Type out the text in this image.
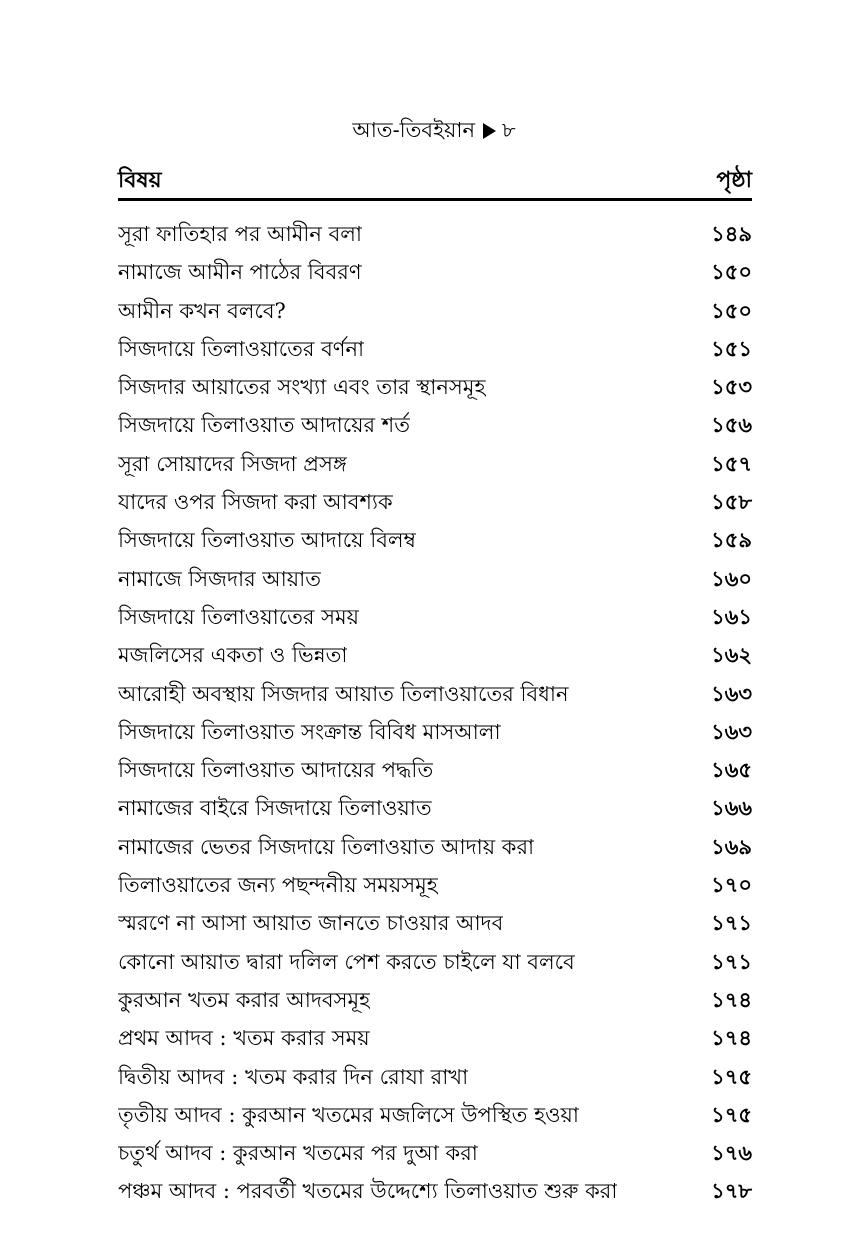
আত-তিবইয়ান ৮
বিষয়	পৃষ্ঠা
সূরা ফাতিহার পর আমীন বলা	১৪৯
নামাজে আমীন পাঠের বিবরণ	১৫০
আমীন কখন বলবে?	১৫০
সিজদায়ে তিলাওয়াতের বর্ণনা	১৫১
সিজদার আয়াতের সংখ্যা এবং তার স্থানসমূহ	১৫৩
সিজদায়ে তিলাওয়াত আদায়ের শর্ত	১৫৬
সূরা সোয়াদের সিজদা প্রসঙ্গ	১৫৭
যাদের ওপর সিজদা করা আবশ্যক	১৫৮
সিজদায়ে তিলাওয়াত আদায়ে বিলম্ব	১৫৯
নামাজে সিজদার আয়াত	১৬০
সিজদায়ে তিলাওয়াতের সময়	১৬১
মজলিসের একতা ও ভিন্নতা	১৬২
আরোহী অবস্থায় সিজদার আয়াত তিলাওয়াতের বিধান	১৬৩
সিজদায়ে তিলাওয়াত সংক্রান্ত বিবিধ মাসআলা	১৬৩
সিজদায়ে তিলাওয়াত আদায়ের পদ্ধতি	১৬৫
নামাজের বাইরে সিজদায়ে তিলাওয়াত	১৬৬
নামাজের ভেতর সিজদায়ে তিলাওয়াত আদায় করা	১৬৯
তিলাওয়াতের জন্য পছন্দনীয় সময়সমূহ	১৭০
স্মরণে না আসা আয়াত জানতে চাওয়ার আদব	১৭১
কোনো আয়াত দ্বারা দলিল পেশ করতে চাইলে যা বলবে	১৭১
কুরআন খতম করার আদবসমূহ	১৭৪
প্রথম আদব : খতম করার সময়	১৭৪
দ্বিতীয় আদব : খতম করার দিন রোযা রাখা	১৭৫
তৃতীয় আদব : কুরআন খতমের মজলিসে উপস্থিত হওয়া	১৭৫
চতুর্থ আদব : কুরআন খতমের পর দুআ করা	১৭৬
পঞ্চম আদব : পরবর্তী খতমের উদ্দেশ্যে তিলাওয়াত শুরু করা	১৭৮
